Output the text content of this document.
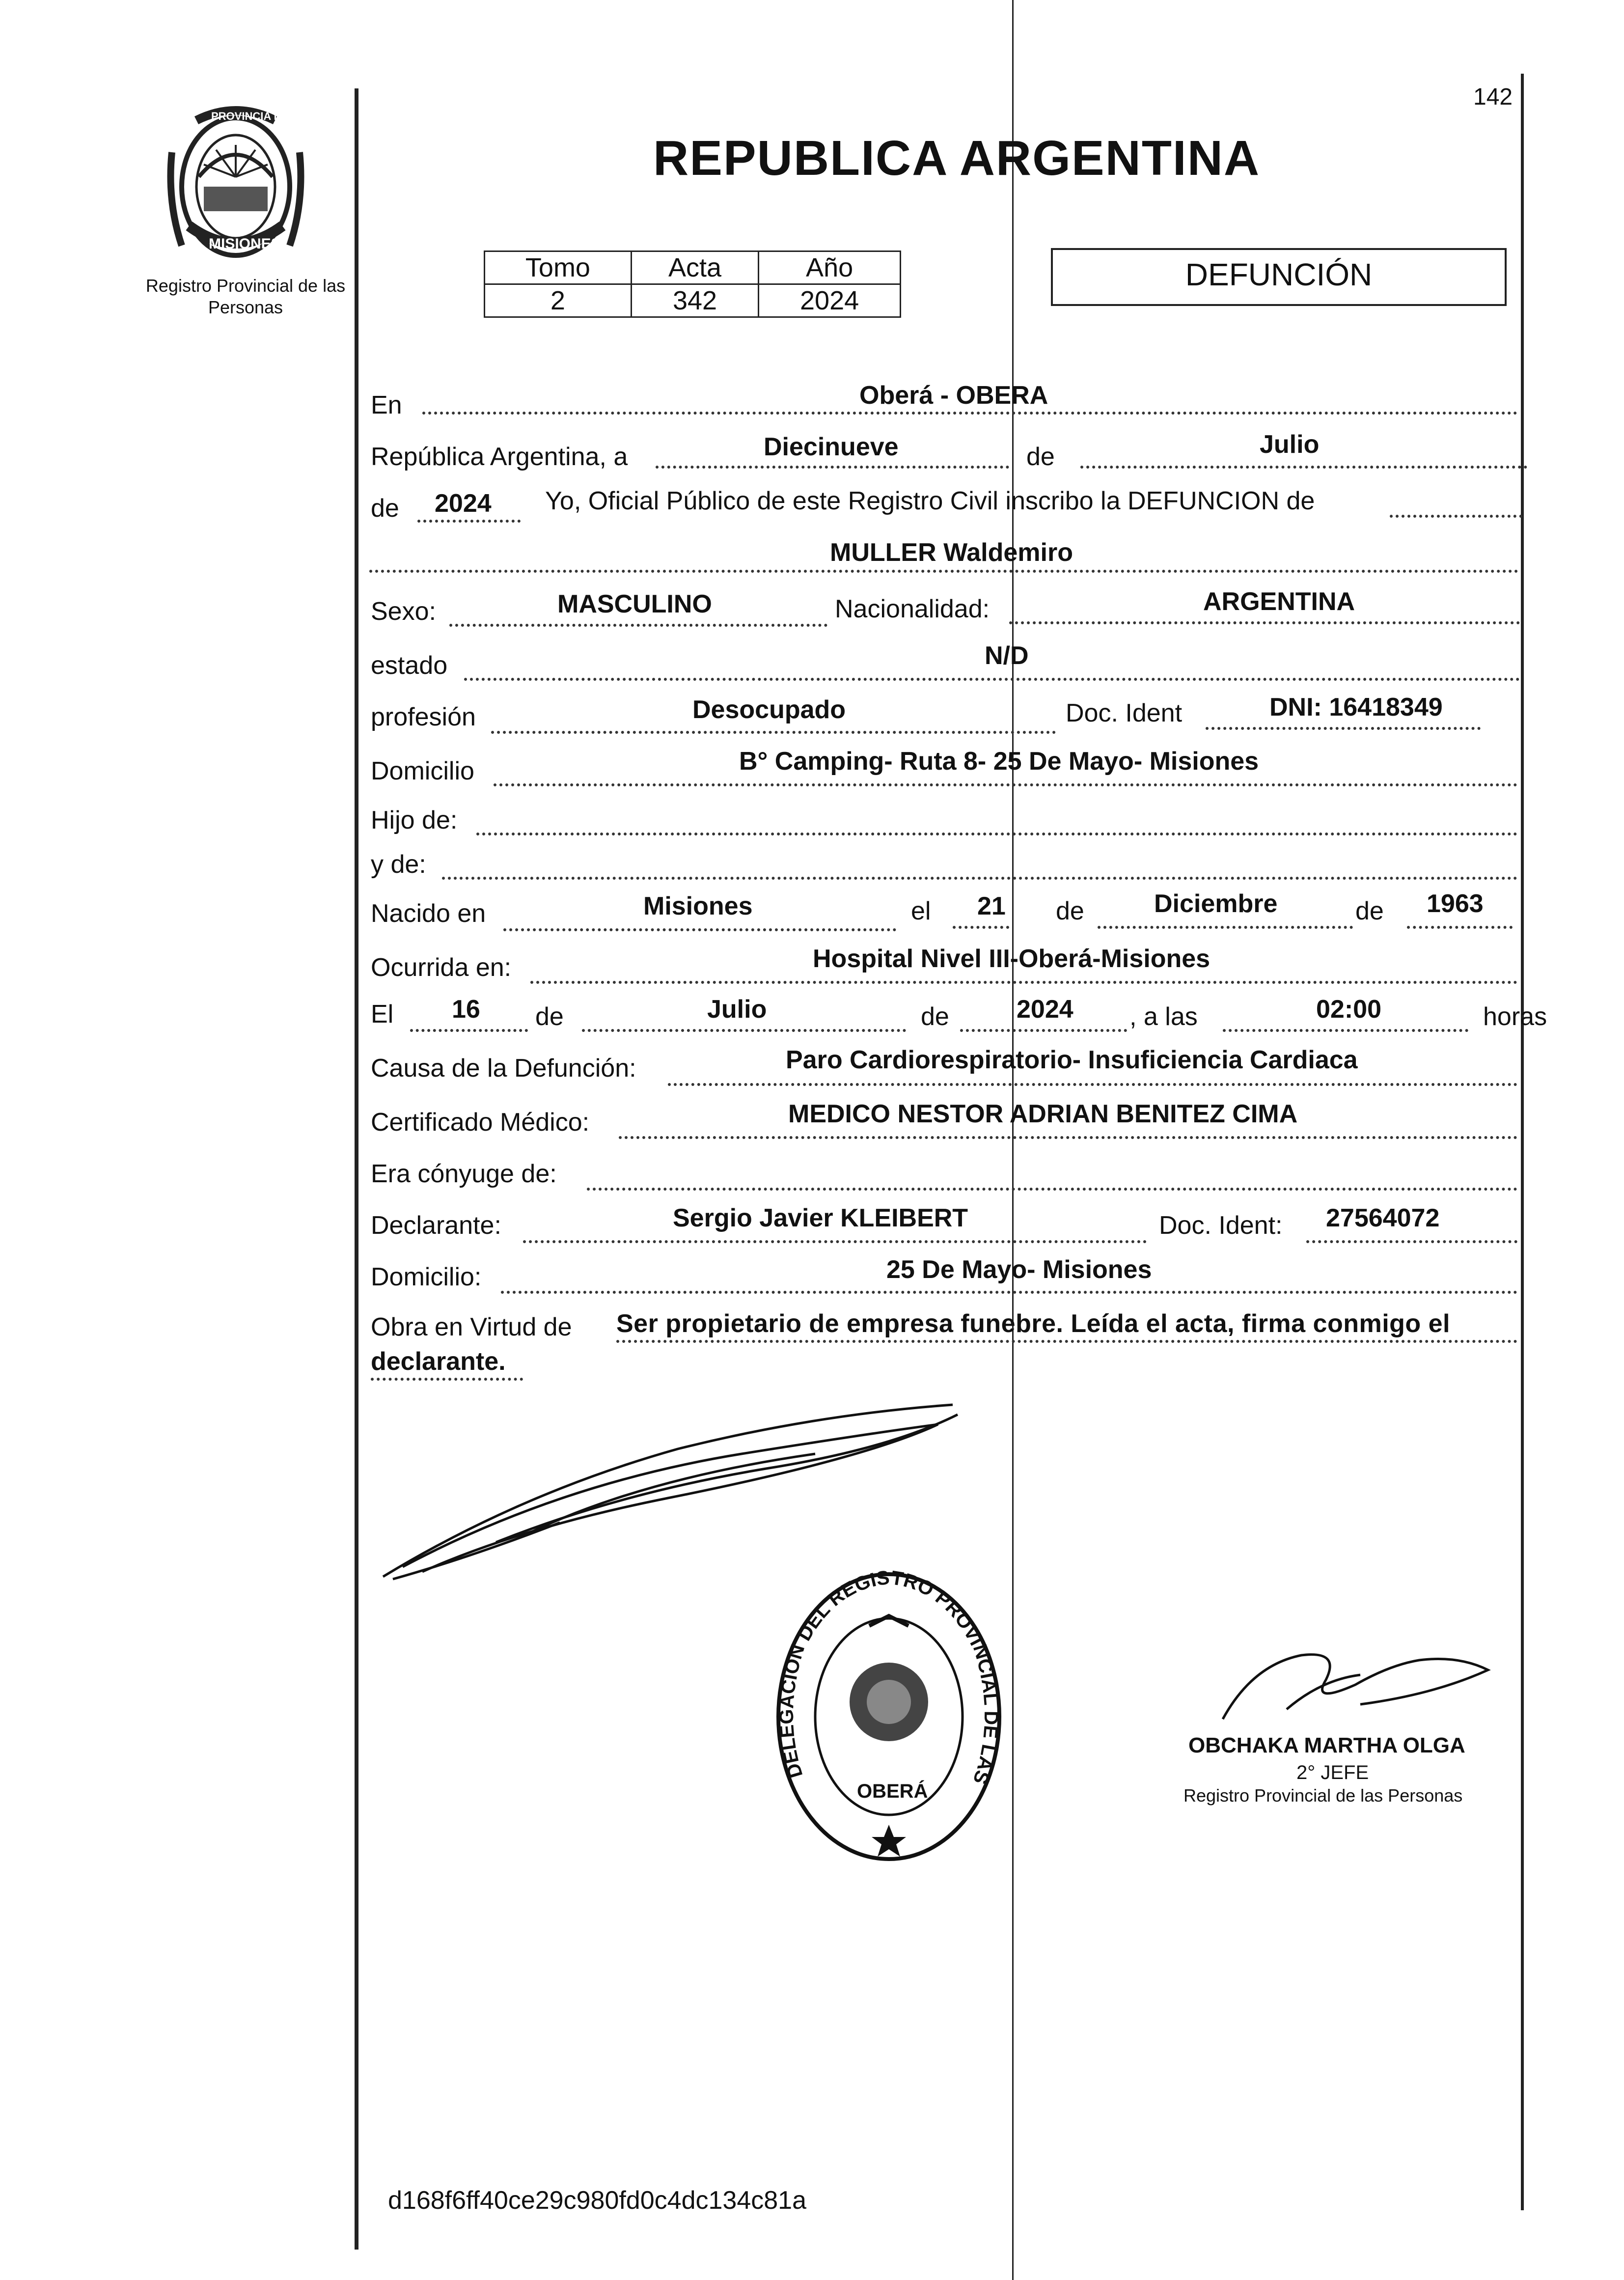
PROVINCIA DE
MISIONES
Registro Provincial de las Personas
142
REPUBLICA ARGENTINA
Tomo	Acta	Año
2	342	2024
DEFUNCIÓN
En	Oberá - OBERA
República Argentina, a	Diecinueve	de	Julio
de 2024 Yo, Oficial Público de este Registro Civil inscribo la DEFUNCION de
MULLER Waldemiro
Sexo:	MASCULINO	Nacionalidad:	ARGENTINA
estado	N/D
profesión	Desocupado	Doc. Ident	DNI: 16418349
Domicilio	B° Camping- Ruta 8- 25 De Mayo- Misiones
Hijo de:
y de:
Nacido en	Misiones	el 21 de	Diciembre	de 1963
Ocurrida en:	Hospital Nivel III-Oberá-Misiones
El 16 de	Julio	de	2024 , a las	02:00	horas
Causa de la Defunción:	Paro Cardiorespiratorio- Insuficiencia Cardiaca
Certificado Médico:	MEDICO NESTOR ADRIAN BENITEZ CIMA
Era cónyuge de:
Declarante:	Sergio Javier KLEIBERT	Doc. Ident: 27564072
Domicilio:	25 De Mayo- Misiones
Obra en Virtud de Ser propietario de empresa funebre. Leída el acta, firma conmigo el
declarante.
DELEGACION DEL REGISTRO PROVINCIAL DE LAS
OBERÁ
OBCHAKA MARTHA OLGA
2° JEFE
Registro Provincial de las Personas
d168f6ff40ce29c980fd0c4dc134c81a
